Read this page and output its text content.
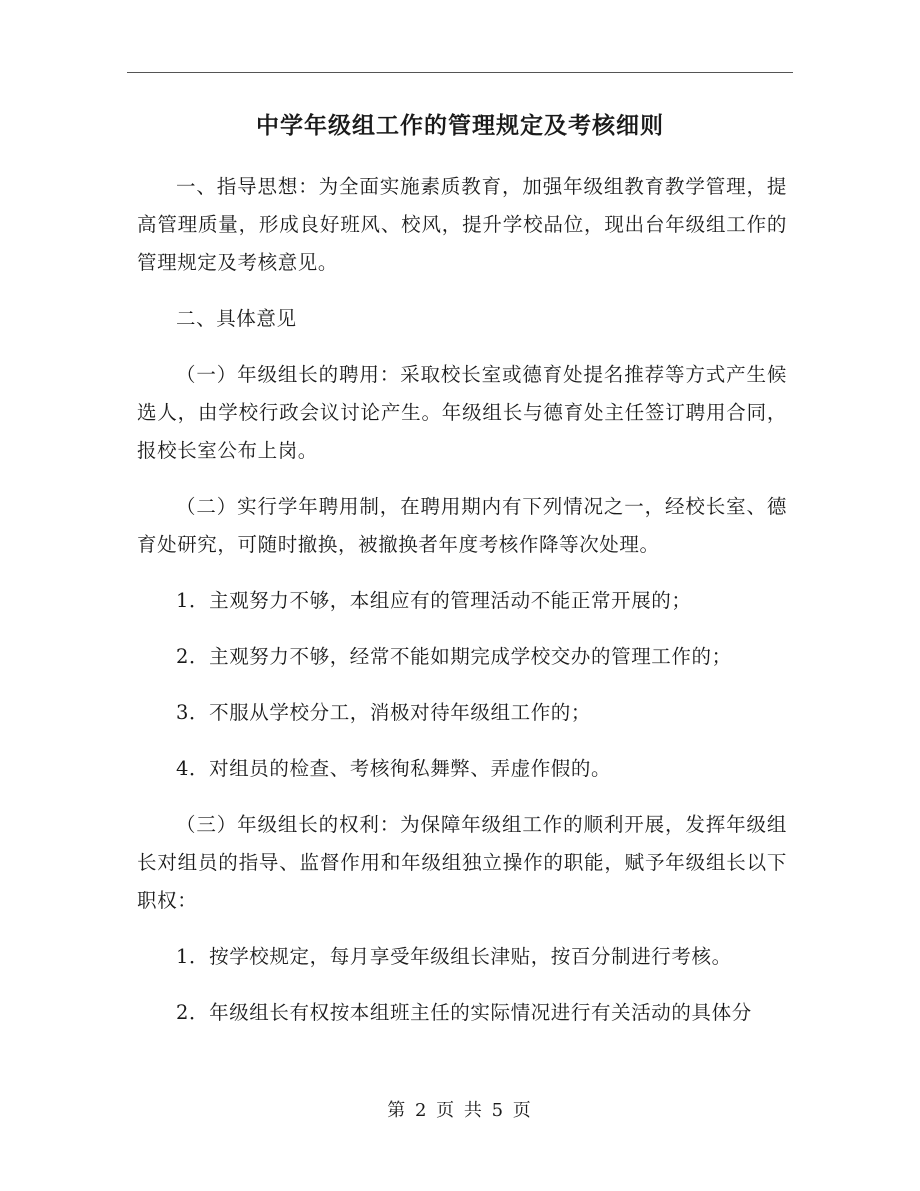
中学年级组工作的管理规定及考核细则

一、指导思想：为全面实施素质教育，加强年级组教育教学管理，提高管理质量，形成良好班风、校风，提升学校品位，现出台年级组工作的管理规定及考核意见。

二、具体意见

（一）年级组长的聘用：采取校长室或德育处提名推荐等方式产生候选人，由学校行政会议讨论产生。年级组长与德育处主任签订聘用合同，报校长室公布上岗。

（二）实行学年聘用制，在聘用期内有下列情况之一，经校长室、德育处研究，可随时撤换，被撤换者年度考核作降等次处理。

1．主观努力不够，本组应有的管理活动不能正常开展的；

2．主观努力不够，经常不能如期完成学校交办的管理工作的；

3．不服从学校分工，消极对待年级组工作的；

4．对组员的检查、考核徇私舞弊、弄虚作假的。

（三）年级组长的权利：为保障年级组工作的顺利开展，发挥年级组长对组员的指导、监督作用和年级组独立操作的职能，赋予年级组长以下职权：

1．按学校规定，每月享受年级组长津贴，按百分制进行考核。

2．年级组长有权按本组班主任的实际情况进行有关活动的具体分

第 2 页 共 5 页
